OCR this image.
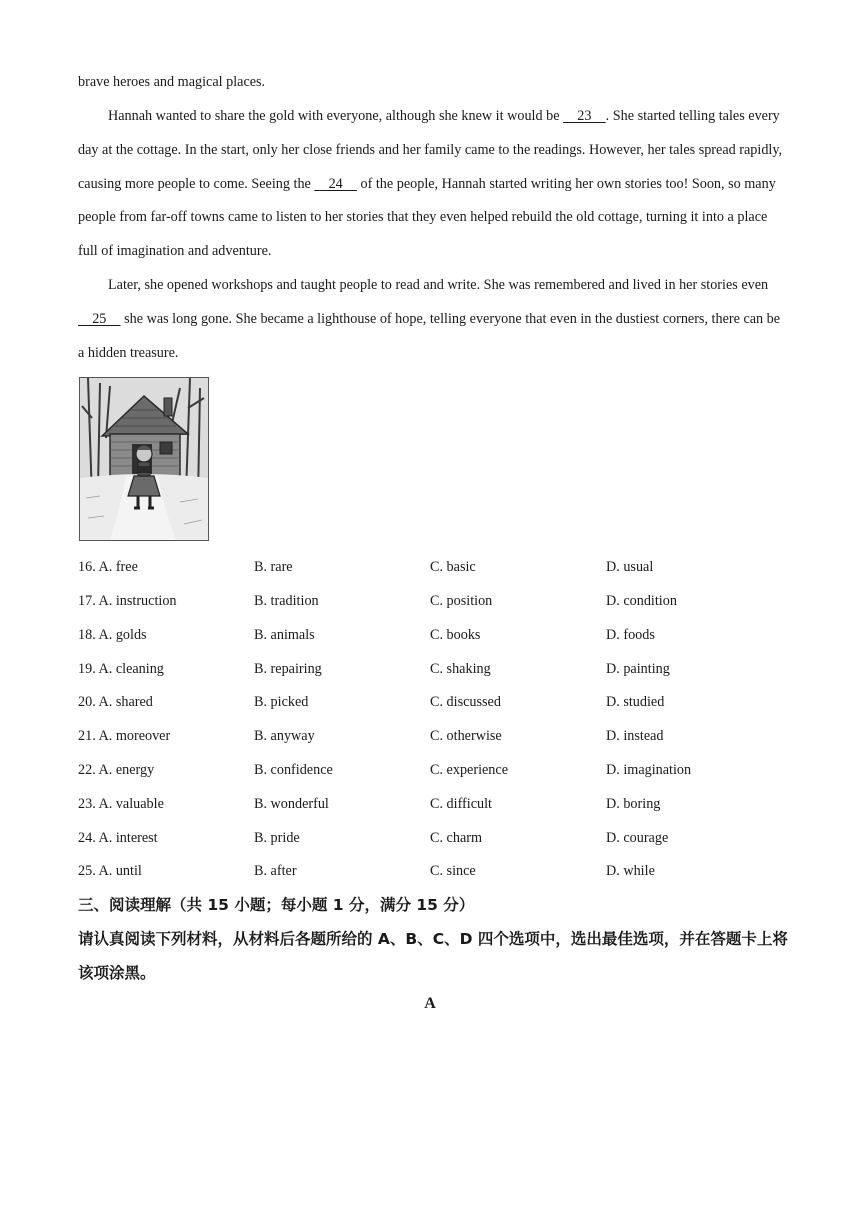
brave heroes and magical places.

Hannah wanted to share the gold with everyone, although she knew it would be     23    . She started telling tales every day at the cottage. In the start, only her close friends and her family came to the readings. However, her tales spread rapidly, causing more people to come. Seeing the     24     of the people, Hannah started writing her own stories too! Soon, so many people from far-off towns came to listen to her stories that they even helped rebuild the old cottage, turning it into a place full of imagination and adventure.

Later, she opened workshops and taught people to read and write. She was remembered and lived in her stories even     25     she was long gone. She became a lighthouse of hope, telling everyone that even in the dustiest corners, there can be a hidden treasure.

16. A. free	B. rare	C. basic	D. usual
17. A. instruction	B. tradition	C. position	D. condition
18. A. golds	B. animals	C. books	D. foods
19. A. cleaning	B. repairing	C. shaking	D. painting
20. A. shared	B. picked	C. discussed	D. studied
21. A. moreover	B. anyway	C. otherwise	D. instead
22. A. energy	B. confidence	C. experience	D. imagination
23. A. valuable	B. wonderful	C. difficult	D. boring
24. A. interest	B. pride	C. charm	D. courage
25. A. until	B. after	C. since	D. while

三、阅读理解（共 15 小题；每小题 1 分，满分 15 分）

请认真阅读下列材料，从材料后各题所给的 A、B、C、D 四个选项中，选出最佳选项，并在答题卡上将该项涂黑。

A
